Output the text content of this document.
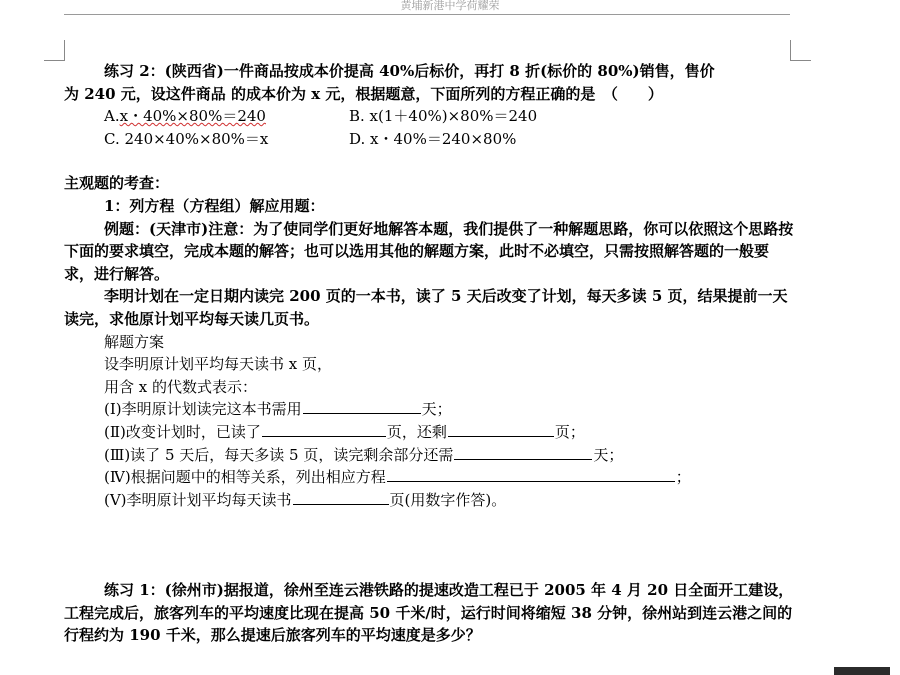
黄埔新港中学荷耀荣

练习 2：(陕西省)一件商品按成本价提高 40%后标价，再打 8 折(标价的 80%)销售，售价

为 240 元，设这件商品 的成本价为 x 元，根据题意，下面所列的方程正确的是　（　　）

A.x・40%×80%＝240	B. x(1＋40%)×80%＝240
C. 240×40%×80%＝x	D. x・40%＝240×80%

主观题的考查：

1：列方程（方程组）解应用题：

例题：(天津市)注意：为了使同学们更好地解答本题，我们提供了一种解题思路，你可以依照这个思路按下面的要求填空，完成本题的解答；也可以选用其他的解题方案，此时不必填空，只需按照解答题的一般要求，进行解答。

李明计划在一定日期内读完 200 页的一本书，读了 5 天后改变了计划，每天多读 5 页，结果提前一天读完，求他原计划平均每天读几页书。

解题方案

设李明原计划平均每天读书 x 页，

用含 x 的代数式表示：

(Ⅰ)李明原计划读完这本书需用	天；

(Ⅱ)改变计划时，已读了	页，还剩	页；

(Ⅲ)读了 5 天后，每天多读 5 页，读完剩余部分还需	天；

(Ⅳ)根据问题中的相等关系，列出相应方程	；

(Ⅴ)李明原计划平均每天读书	页(用数字作答)。

练习 1：(徐州市)据报道，徐州至连云港铁路的提速改造工程已于 2005 年 4 月 20 日全面开工建设，工程完成后，旅客列车的平均速度比现在提高 50 千米/时，运行时间将缩短 38 分钟，徐州站到连云港之间的行程约为 190 千米，那么提速后旅客列车的平均速度是多少？
